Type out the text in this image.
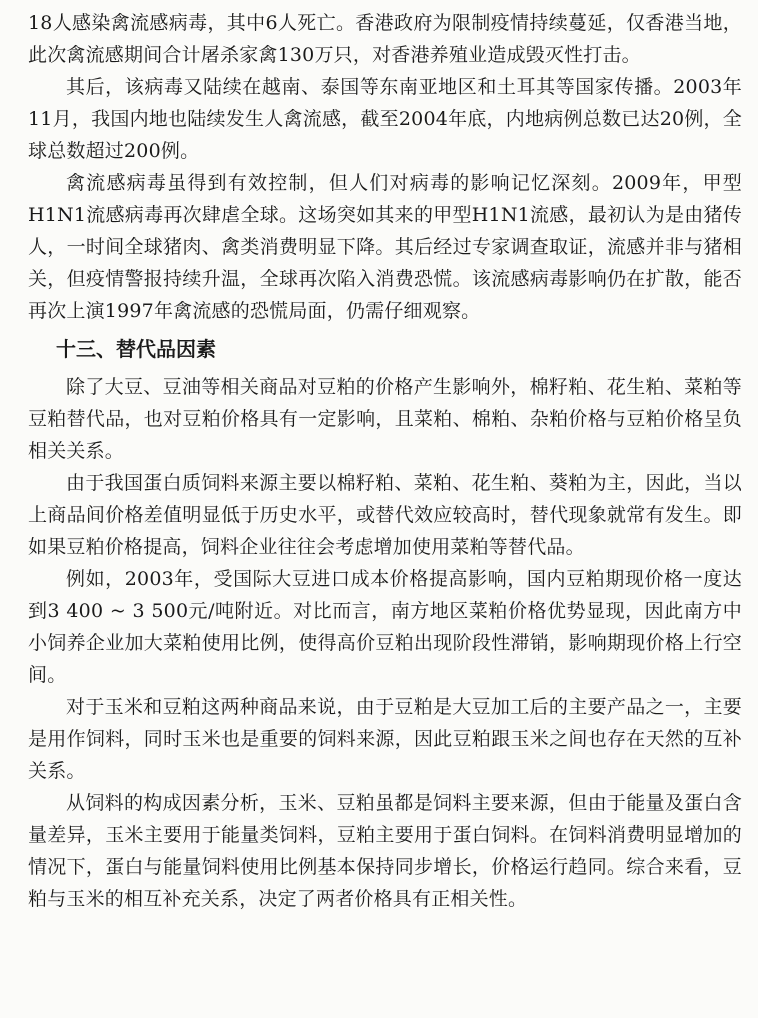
18人感染禽流感病毒，其中6人死亡。香港政府为限制疫情持续蔓延，仅香港当地，此次禽流感期间合计屠杀家禽130万只，对香港养殖业造成毁灭性打击。

其后，该病毒又陆续在越南、泰国等东南亚地区和土耳其等国家传播。2003年11月，我国内地也陆续发生人禽流感，截至2004年底，内地病例总数已达20例，全球总数超过200例。

禽流感病毒虽得到有效控制，但人们对病毒的影响记忆深刻。2009年，甲型H1N1流感病毒再次肆虐全球。这场突如其来的甲型H1N1流感，最初认为是由猪传人，一时间全球猪肉、禽类消费明显下降。其后经过专家调查取证，流感并非与猪相关，但疫情警报持续升温，全球再次陷入消费恐慌。该流感病毒影响仍在扩散，能否再次上演1997年禽流感的恐慌局面，仍需仔细观察。

十三、替代品因素

除了大豆、豆油等相关商品对豆粕的价格产生影响外，棉籽粕、花生粕、菜粕等豆粕替代品，也对豆粕价格具有一定影响，且菜粕、棉粕、杂粕价格与豆粕价格呈负相关关系。

由于我国蛋白质饲料来源主要以棉籽粕、菜粕、花生粕、葵粕为主，因此，当以上商品间价格差值明显低于历史水平，或替代效应较高时，替代现象就常有发生。即如果豆粕价格提高，饲料企业往往会考虑增加使用菜粕等替代品。

例如，2003年，受国际大豆进口成本价格提高影响，国内豆粕期现价格一度达到3 400 ~ 3 500元/吨附近。对比而言，南方地区菜粕价格优势显现，因此南方中小饲养企业加大菜粕使用比例，使得高价豆粕出现阶段性滞销，影响期现价格上行空间。

对于玉米和豆粕这两种商品来说，由于豆粕是大豆加工后的主要产品之一，主要是用作饲料，同时玉米也是重要的饲料来源，因此豆粕跟玉米之间也存在天然的互补关系。

从饲料的构成因素分析，玉米、豆粕虽都是饲料主要来源，但由于能量及蛋白含量差异，玉米主要用于能量类饲料，豆粕主要用于蛋白饲料。在饲料消费明显增加的情况下，蛋白与能量饲料使用比例基本保持同步增长，价格运行趋同。综合来看，豆粕与玉米的相互补充关系，决定了两者价格具有正相关性。
